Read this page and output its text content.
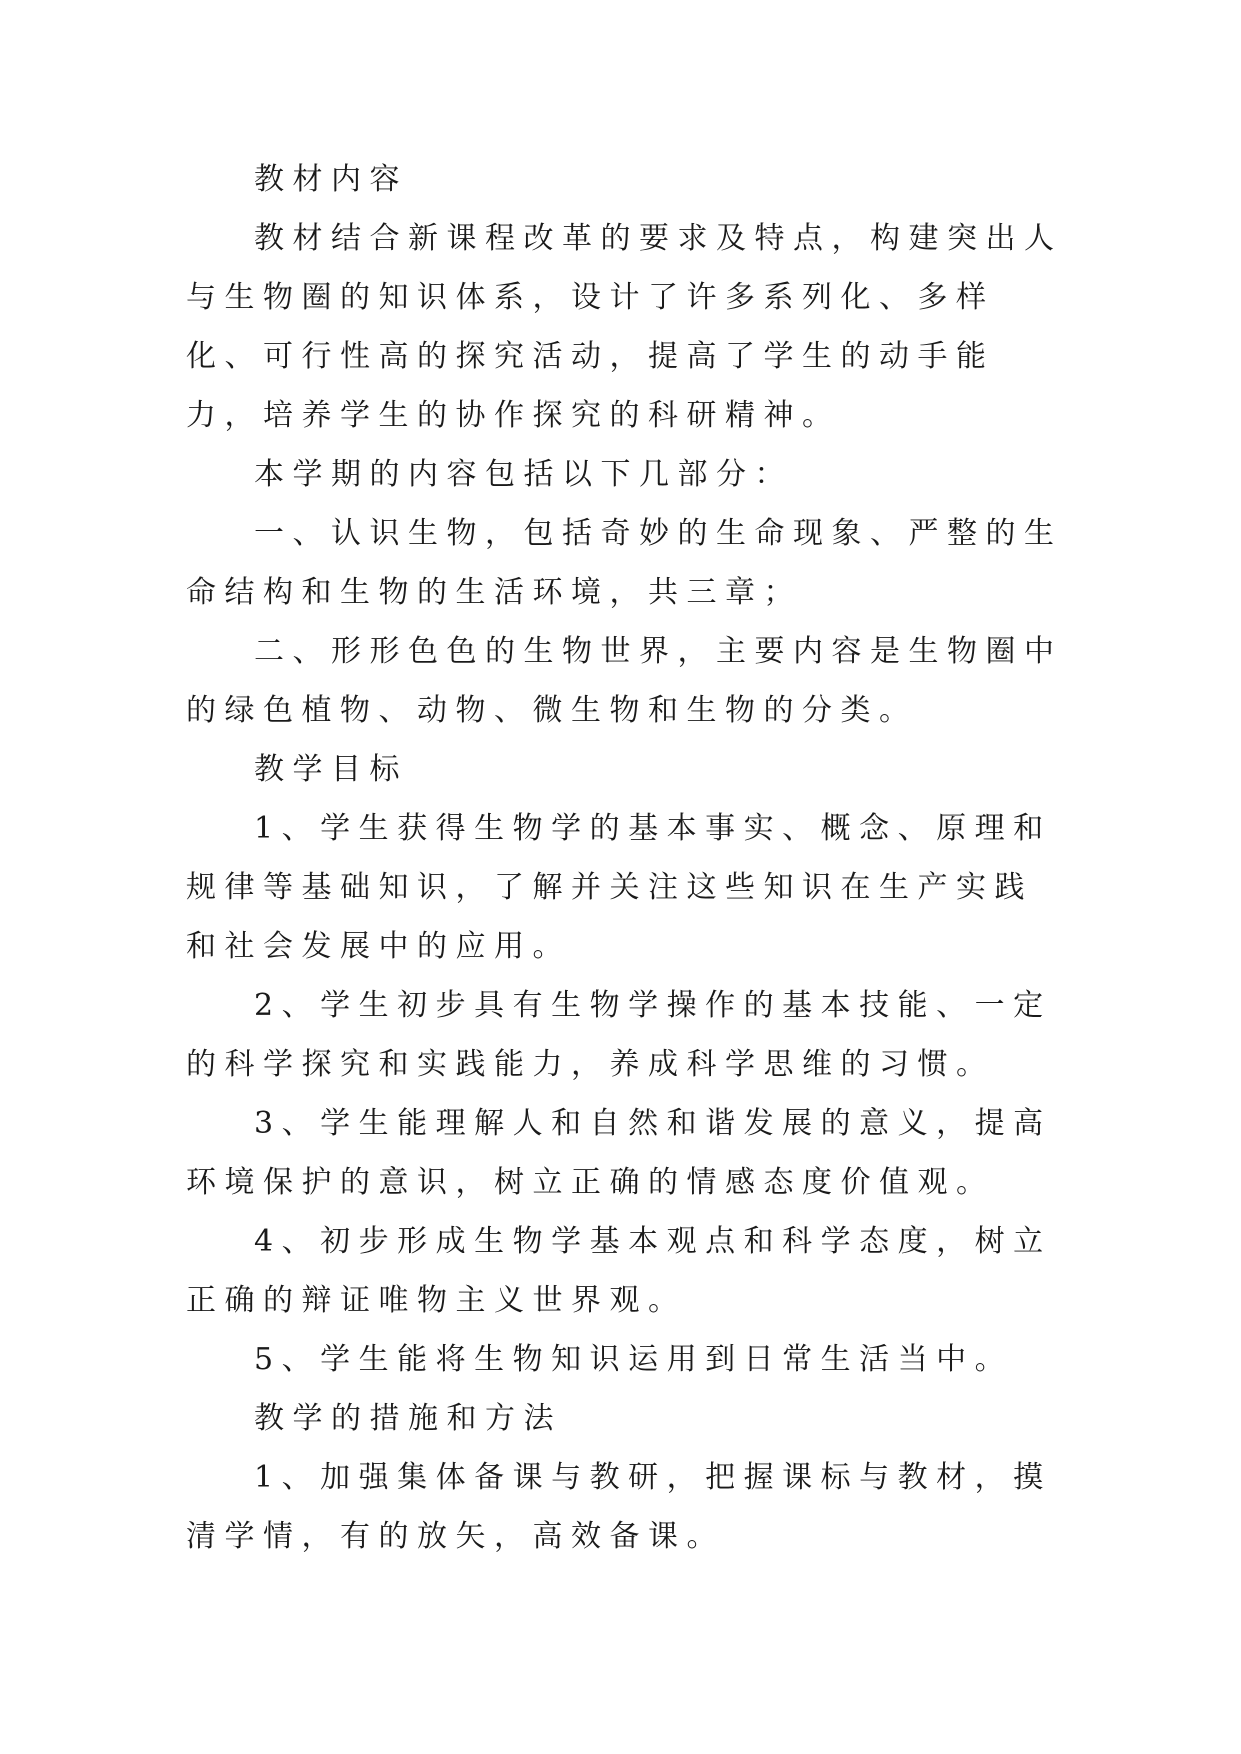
教材内容

教材结合新课程改革的要求及特点，构建突出人与生物圈的知识体系，设计了许多系列化、多样化、可行性高的探究活动，提高了学生的动手能力，培养学生的协作探究的科研精神。

本学期的内容包括以下几部分：

一、认识生物，包括奇妙的生命现象、严整的生命结构和生物的生活环境，共三章；

二、形形色色的生物世界，主要内容是生物圈中的绿色植物、动物、微生物和生物的分类。

教学目标

1、学生获得生物学的基本事实、概念、原理和规律等基础知识，了解并关注这些知识在生产实践和社会发展中的应用。

2、学生初步具有生物学操作的基本技能、一定的科学探究和实践能力，养成科学思维的习惯。

3、学生能理解人和自然和谐发展的意义，提高环境保护的意识，树立正确的情感态度价值观。

4、初步形成生物学基本观点和科学态度，树立正确的辩证唯物主义世界观。

5、学生能将生物知识运用到日常生活当中。

教学的措施和方法

1、加强集体备课与教研，把握课标与教材，摸清学情，有的放矢，高效备课。
